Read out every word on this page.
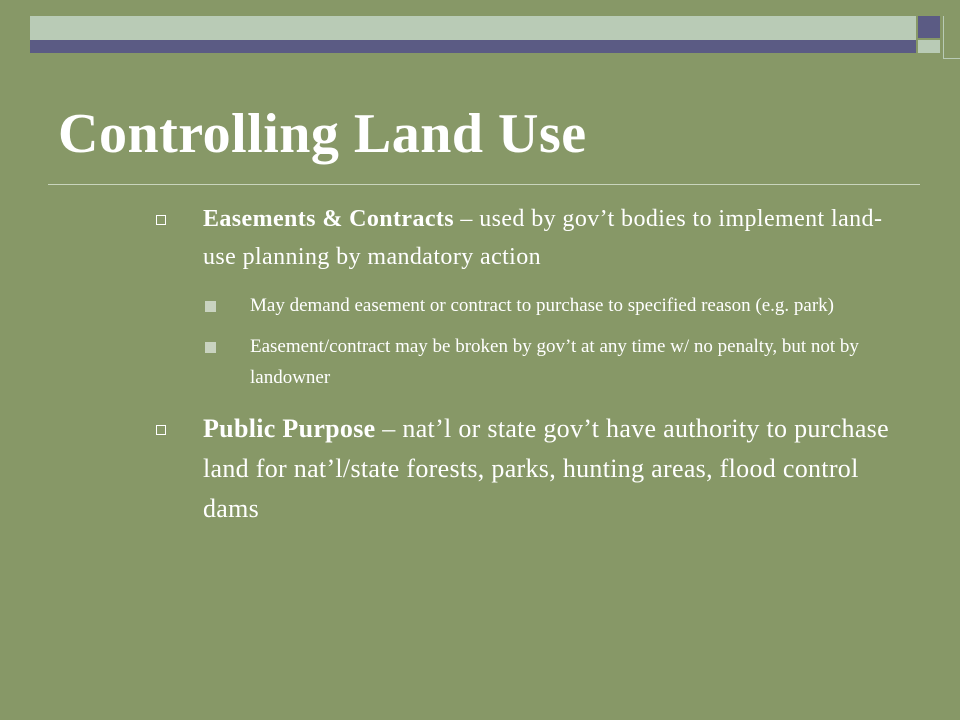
Controlling Land Use
Easements & Contracts – used by gov’t bodies to implement land-use planning by mandatory action
May demand easement or contract to purchase to specified reason (e.g. park)
Easement/contract may be broken by gov’t at any time w/ no penalty, but not by landowner
Public Purpose – nat’l or state gov’t have authority to purchase land for nat’l/state forests, parks, hunting areas, flood control dams
